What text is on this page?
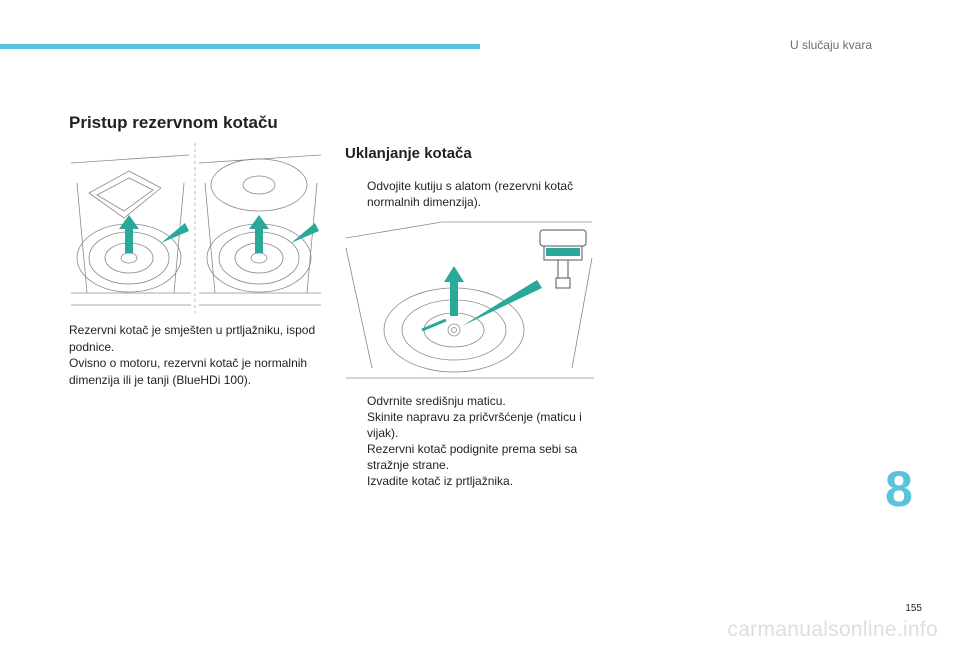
U slučaju kvara
Pristup rezervnom kotaču
Uklanjanje kotača
Odvojite kutiju s alatom (rezervni kotač normalnih dimenzija).
Odvrnite središnju maticu.
Skinite napravu za pričvršćenje (maticu i vijak).
Rezervni kotač podignite prema sebi sa stražnje strane.
Izvadite kotač iz prtljažnika.

Rezervni kotač je smješten u prtljažniku, ispod podnice.
Ovisno o motoru, rezervni kotač je normalnih dimenzija ili je tanji (BlueHDi 100).

8
155
carmanualsonline.info
